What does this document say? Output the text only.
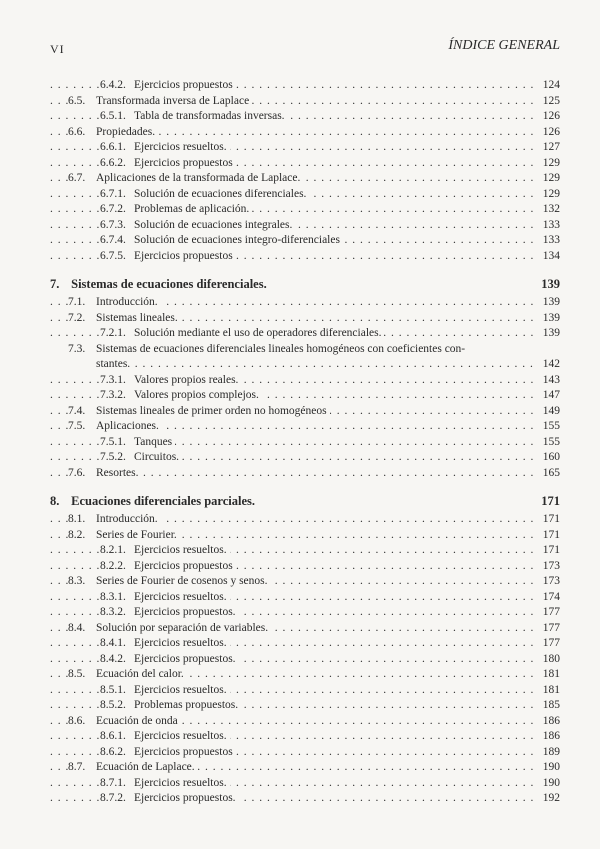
VI	ÍNDICE GENERAL
6.4.2. Ejercicios propuestos . . .	124
6.5. Transformada inversa de Laplace . . .	125
6.5.1. Tabla de transformadas inversas. . . .	126
6.6. Propiedades. . . .	126
6.6.1. Ejercicios resueltos. . . .	127
6.6.2. Ejercicios propuestos . . .	129
6.7. Aplicaciones de la transformada de Laplace. . . .	129
6.7.1. Solución de ecuaciones diferenciales. . . .	129
6.7.2. Problemas de aplicación. . . .	132
6.7.3. Solución de ecuaciones integrales. . . .	133
6.7.4. Solución de ecuaciones integro-diferenciales . . .	133
6.7.5. Ejercicios propuestos . . .	134
7. Sistemas de ecuaciones diferenciales.	139
7.1. Introducción. . . .	139
7.2. Sistemas lineales. . . .	139
7.2.1. Solución mediante el uso de operadores diferenciales. . . .	139
7.3. Sistemas de ecuaciones diferenciales lineales homogéneos con coeficientes con-
stantes. . . .	142
7.3.1. Valores propios reales. . . .	143
7.3.2. Valores propios complejos. . . .	147
7.4. Sistemas lineales de primer orden no homogéneos . . .	149
7.5. Aplicaciones. . . .	155
7.5.1. Tanques . . .	155
7.5.2. Circuitos. . . .	160
7.6. Resortes. . . .	165
8. Ecuaciones diferenciales parciales.	171
8.1. Introducción. . . .	171
8.2. Series de Fourier. . . .	171
8.2.1. Ejercicios resueltos. . . .	171
8.2.2. Ejercicios propuestos . . .	173
8.3. Series de Fourier de cosenos y senos. . . .	173
8.3.1. Ejercicios resueltos. . . .	174
8.3.2. Ejercicios propuestos. . . .	177
8.4. Solución por separación de variables. . . .	177
8.4.1. Ejercicios resueltos. . . .	177
8.4.2. Ejercicios propuestos. . . .	180
8.5. Ecuación del calor. . . .	181
8.5.1. Ejercicios resueltos. . . .	181
8.5.2. Problemas propuestos. . . .	185
8.6. Ecuación de onda . . .	186
8.6.1. Ejercicios resueltos. . . .	186
8.6.2. Ejercicios propuestos . . .	189
8.7. Ecuación de Laplace. . . .	190
8.7.1. Ejercicios resueltos. . . .	190
8.7.2. Ejercicios propuestos. . . .	192
